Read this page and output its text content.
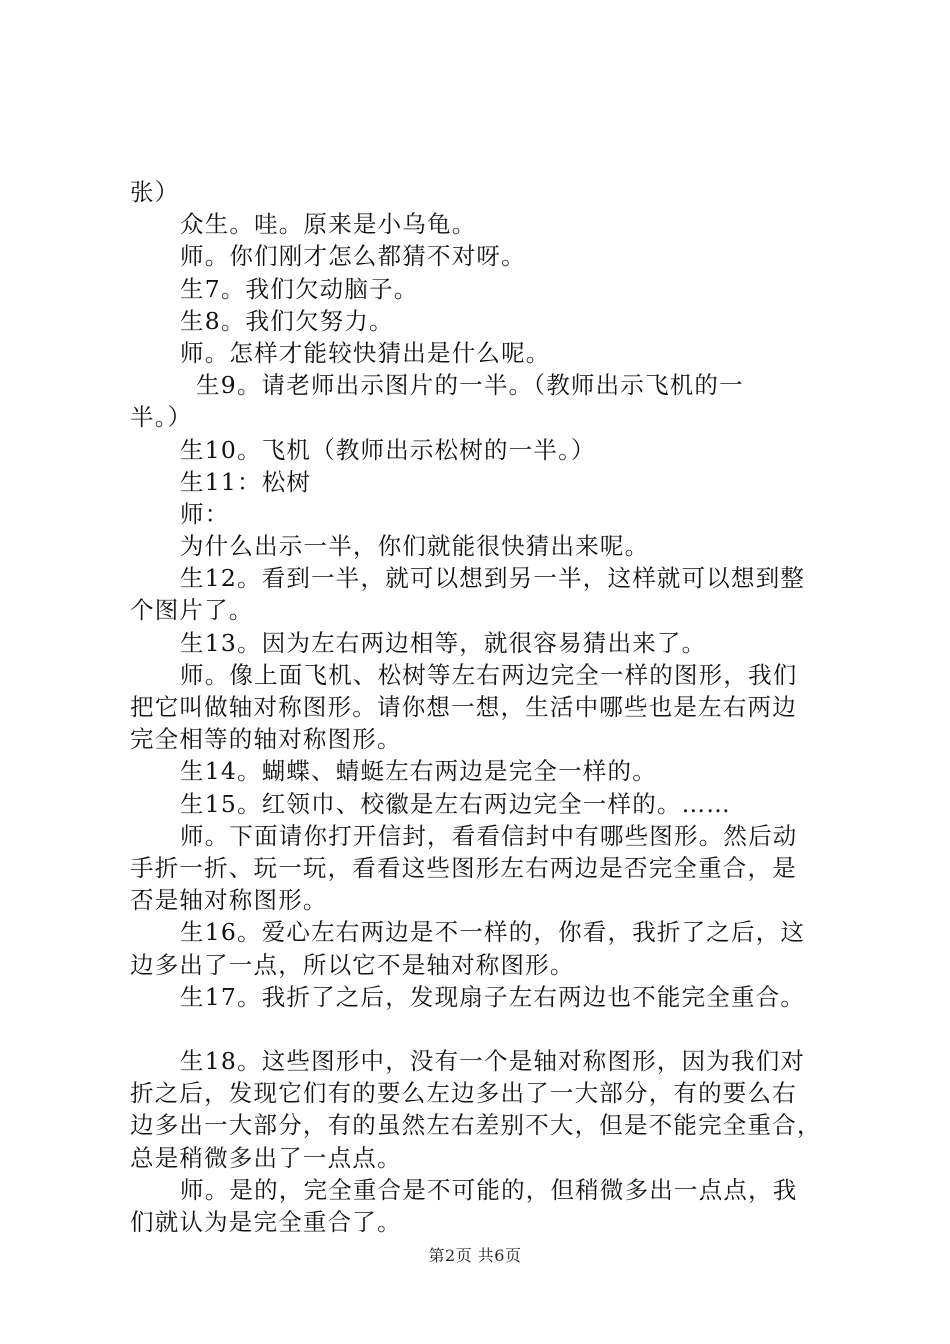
张）
众生。哇。原来是小乌龟。
师。你们刚才怎么都猜不对呀。
生7。我们欠动脑子。
生8。我们欠努力。
师。怎样才能较快猜出是什么呢。
生9。请老师出示图片的一半。（教师出示飞机的一
半。）
生10。飞机（教师出示松树的一半。）
生11：松树
师：
为什么出示一半，你们就能很快猜出来呢。
生12。看到一半，就可以想到另一半，这样就可以想到整
个图片了。
生13。因为左右两边相等，就很容易猜出来了。
师。像上面飞机、松树等左右两边完全一样的图形，我们
把它叫做轴对称图形。请你想一想，生活中哪些也是左右两边
完全相等的轴对称图形。
生14。蝴蝶、蜻蜓左右两边是完全一样的。
生15。红领巾、校徽是左右两边完全一样的。……
师。下面请你打开信封，看看信封中有哪些图形。然后动
手折一折、玩一玩，看看这些图形左右两边是否完全重合，是
否是轴对称图形。
生16。爱心左右两边是不一样的，你看，我折了之后，这
边多出了一点，所以它不是轴对称图形。
生17。我折了之后，发现扇子左右两边也不能完全重合。
生18。这些图形中，没有一个是轴对称图形，因为我们对
折之后，发现它们有的要么左边多出了一大部分，有的要么右
边多出一大部分，有的虽然左右差别不大，但是不能完全重合，
总是稍微多出了一点点。
师。是的，完全重合是不可能的，但稍微多出一点点，我
们就认为是完全重合了。
第2页 共6页
